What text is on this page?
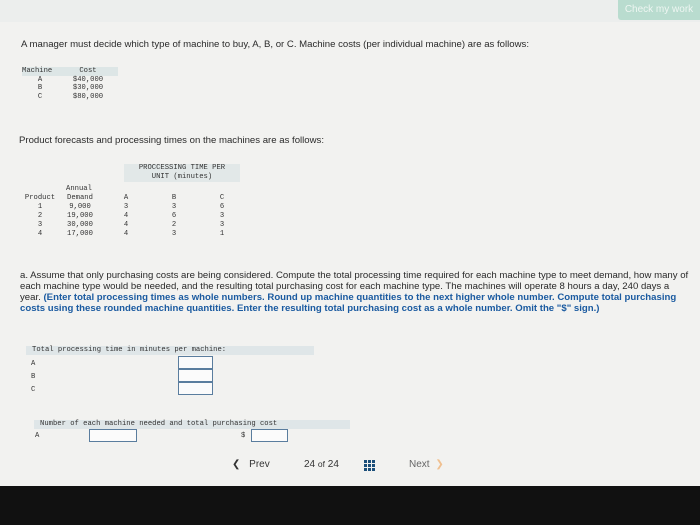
Check my work
A manager must decide which type of machine to buy, A, B, or C. Machine costs (per individual machine) are as follows:
Machine	Cost
A	$40,000
B	$30,000
C	$80,000
Product forecasts and processing times on the machines are as follows:
PROCCESSING TIME PER
UNIT (minutes)
Annual
Product	Demand	A	B	C
1	9,000	3	3	6
2	19,000	4	6	3
3	30,000	4	2	3
4	17,000	4	3	1
a. Assume that only purchasing costs are being considered. Compute the total processing time required for each machine type to meet demand, how many of each machine type would be needed, and the resulting total purchasing cost for each machine type. The machines will operate 8 hours a day, 240 days a year. (Enter total processing times as whole numbers. Round up machine quantities to the next higher whole number. Compute total purchasing costs using these rounded machine quantities. Enter the resulting total purchasing cost as a whole number. Omit the "$" sign.)
Total processing time in minutes per machine:
A
B
C
Number of each machine needed and total purchasing cost
A	$
❮ Prev	24 of 24	Next ❯
